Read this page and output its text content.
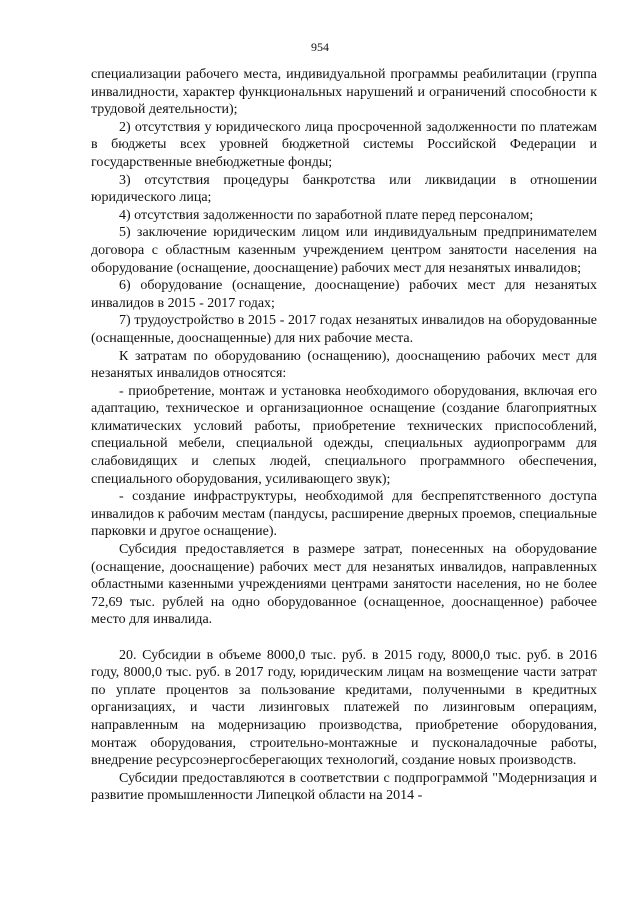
954

специализации рабочего места, индивидуальной программы реабилитации (группа инвалидности, характер функциональных нарушений и ограничений способности к трудовой деятельности);

2) отсутствия у юридического лица просроченной задолженности по платежам в бюджеты всех уровней бюджетной системы Российской Федерации и государственные внебюджетные фонды;

3) отсутствия процедуры банкротства или ликвидации в отношении юридического лица;

4) отсутствия задолженности по заработной плате перед персоналом;

5) заключение юридическим лицом или индивидуальным предпринимателем договора с областным казенным учреждением центром занятости населения на оборудование (оснащение, дооснащение) рабочих мест для незанятых инвалидов;

6) оборудование (оснащение, дооснащение) рабочих мест для незанятых инвалидов в 2015 - 2017 годах;

7) трудоустройство в 2015 - 2017 годах незанятых инвалидов на оборудованные (оснащенные, дооснащенные) для них рабочие места.

К затратам по оборудованию (оснащению), дооснащению рабочих мест для незанятых инвалидов относятся:

- приобретение, монтаж и установка необходимого оборудования, включая его адаптацию, техническое и организационное оснащение (создание благоприятных климатических условий работы, приобретение технических приспособлений, специальной мебели, специальной одежды, специальных аудиопрограмм для слабовидящих и слепых людей, специального программного обеспечения, специального оборудования, усиливающего звук);

- создание инфраструктуры, необходимой для беспрепятственного доступа инвалидов к рабочим местам (пандусы, расширение дверных проемов, специальные парковки и другое оснащение).

Субсидия предоставляется в размере затрат, понесенных на оборудование (оснащение, дооснащение) рабочих мест для незанятых инвалидов, направленных областными казенными учреждениями центрами занятости населения, но не более 72,69 тыс. рублей на одно оборудованное (оснащенное, дооснащенное) рабочее место для инвалида.

20. Субсидии в объеме 8000,0 тыс. руб. в 2015 году, 8000,0 тыс. руб. в 2016 году, 8000,0 тыс. руб. в 2017 году, юридическим лицам на возмещение части затрат по уплате процентов за пользование кредитами, полученными в кредитных организациях, и части лизинговых платежей по лизинговым операциям, направленным на модернизацию производства, приобретение оборудования, монтаж оборудования, строительно-монтажные и пусконаладочные работы, внедрение ресурсоэнергосберегающих технологий, создание новых производств.

Субсидии предоставляются в соответствии с подпрограммой "Модернизация и развитие промышленности Липецкой области на 2014 -
